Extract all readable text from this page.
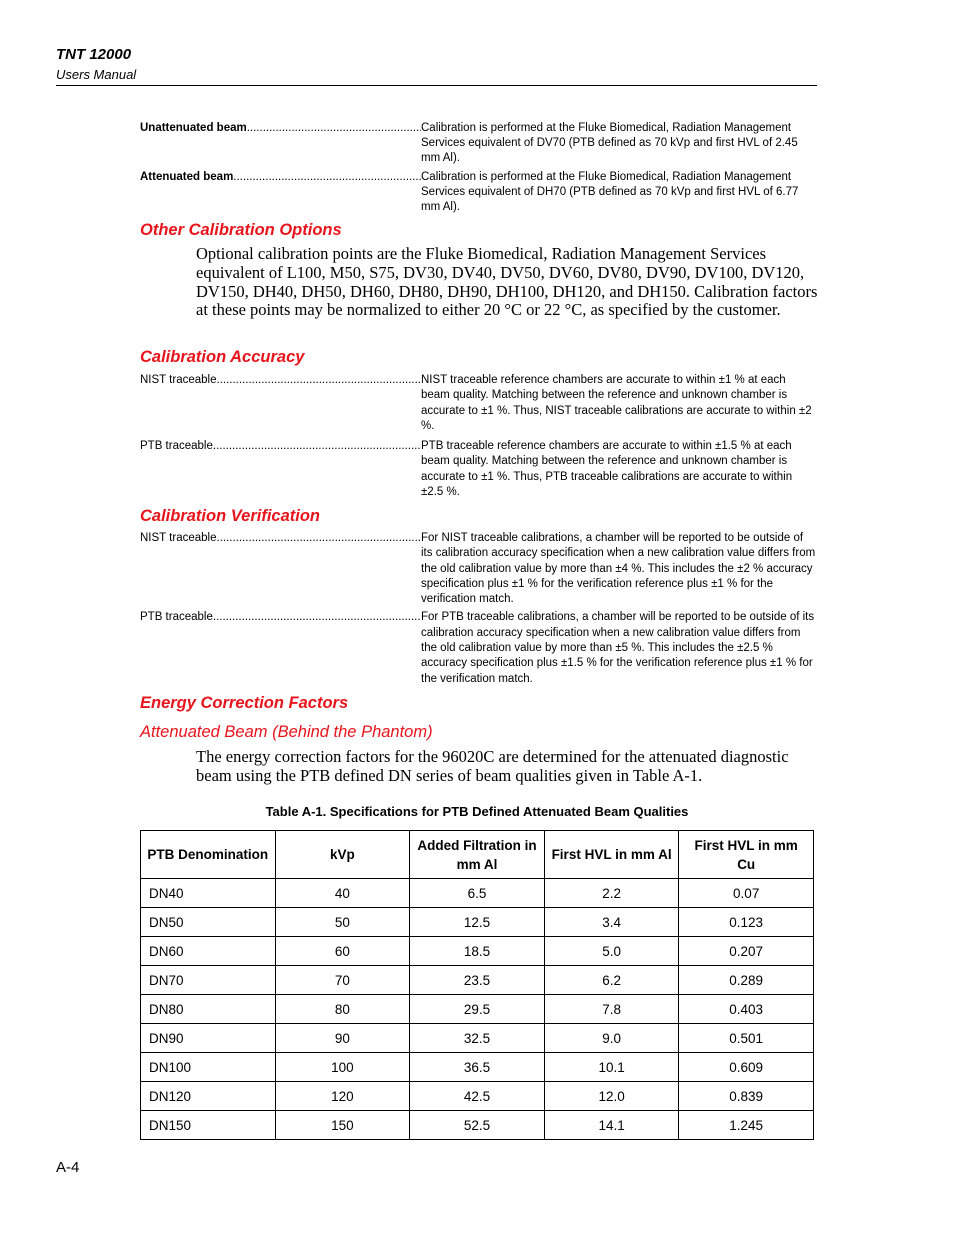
TNT 12000
Users Manual
Unattenuated beam .....	Calibration is performed at the Fluke Biomedical, Radiation Management Services equivalent of DV70 (PTB defined as 70 kVp and first HVL of 2.45 mm Al).
Attenuated beam .....	Calibration is performed at the Fluke Biomedical, Radiation Management Services equivalent of DH70 (PTB defined as 70 kVp and first HVL of 6.77 mm Al).
Other Calibration Options
Optional calibration points are the Fluke Biomedical, Radiation Management Services equivalent of L100, M50, S75, DV30, DV40, DV50, DV60, DV80, DV90, DV100, DV120, DV150, DH40, DH50, DH60, DH80, DH90, DH100, DH120, and DH150. Calibration factors at these points may be normalized to either 20 °C or 22 °C, as specified by the customer.
Calibration Accuracy
NIST traceable .....	NIST traceable reference chambers are accurate to within ±1 % at each beam quality. Matching between the reference and unknown chamber is accurate to ±1 %. Thus, NIST traceable calibrations are accurate to within ±2 %.
PTB traceable .....	PTB traceable reference chambers are accurate to within ±1.5 % at each beam quality. Matching between the reference and unknown chamber is accurate to ±1 %. Thus, PTB traceable calibrations are accurate to within ±2.5 %.
Calibration Verification
NIST traceable .....	For NIST traceable calibrations, a chamber will be reported to be outside of its calibration accuracy specification when a new calibration value differs from the old calibration value by more than ±4 %. This includes the ±2 % accuracy specification plus ±1 % for the verification reference plus ±1 % for the verification match.
PTB traceable .....	For PTB traceable calibrations, a chamber will be reported to be outside of its calibration accuracy specification when a new calibration value differs from the old calibration value by more than ±5 %. This includes the ±2.5 % accuracy specification plus ±1.5 % for the verification reference plus ±1 % for the verification match.
Energy Correction Factors
Attenuated Beam (Behind the Phantom)
The energy correction factors for the 96020C are determined for the attenuated diagnostic beam using the PTB defined DN series of beam qualities given in Table A-1.
Table A-1. Specifications for PTB Defined Attenuated Beam Qualities
PTB Denomination	kVp	Added Filtration in mm Al	First HVL in mm Al	First HVL in mm Cu
DN40	40	6.5	2.2	0.07
DN50	50	12.5	3.4	0.123
DN60	60	18.5	5.0	0.207
DN70	70	23.5	6.2	0.289
DN80	80	29.5	7.8	0.403
DN90	90	32.5	9.0	0.501
DN100	100	36.5	10.1	0.609
DN120	120	42.5	12.0	0.839
DN150	150	52.5	14.1	1.245
A-4
